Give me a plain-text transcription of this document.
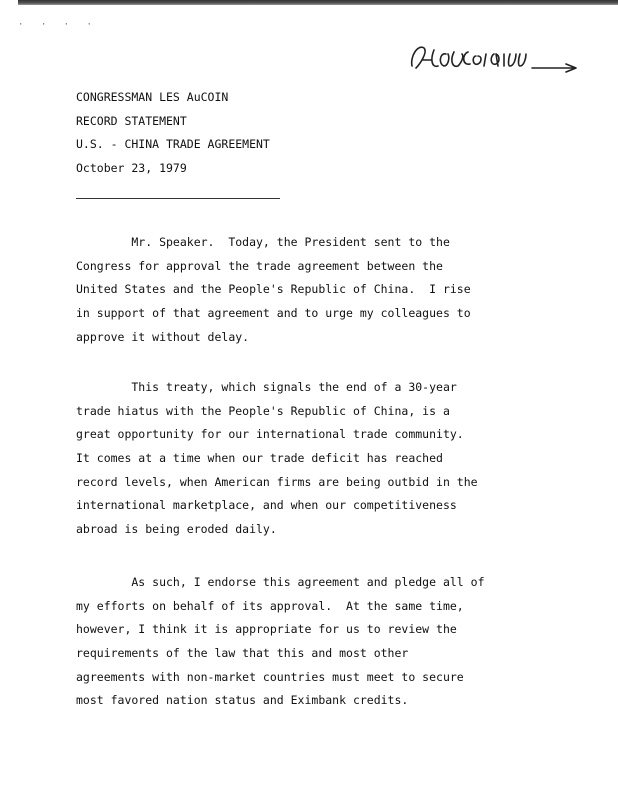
· · · ·
CONGRESSMAN LES AuCOIN
RECORD STATEMENT
U.S. - CHINA TRADE AGREEMENT
October 23, 1979
Mr. Speaker.  Today, the President sent to the
Congress for approval the trade agreement between the
United States and the People's Republic of China.  I rise
in support of that agreement and to urge my colleagues to
approve it without delay.
This treaty, which signals the end of a 30-year
trade hiatus with the People's Republic of China, is a
great opportunity for our international trade community.
It comes at a time when our trade deficit has reached
record levels, when American firms are being outbid in the
international marketplace, and when our competitiveness
abroad is being eroded daily.
As such, I endorse this agreement and pledge all of
my efforts on behalf of its approval.  At the same time,
however, I think it is appropriate for us to review the
requirements of the law that this and most other
agreements with non-market countries must meet to secure
most favored nation status and Eximbank credits.
